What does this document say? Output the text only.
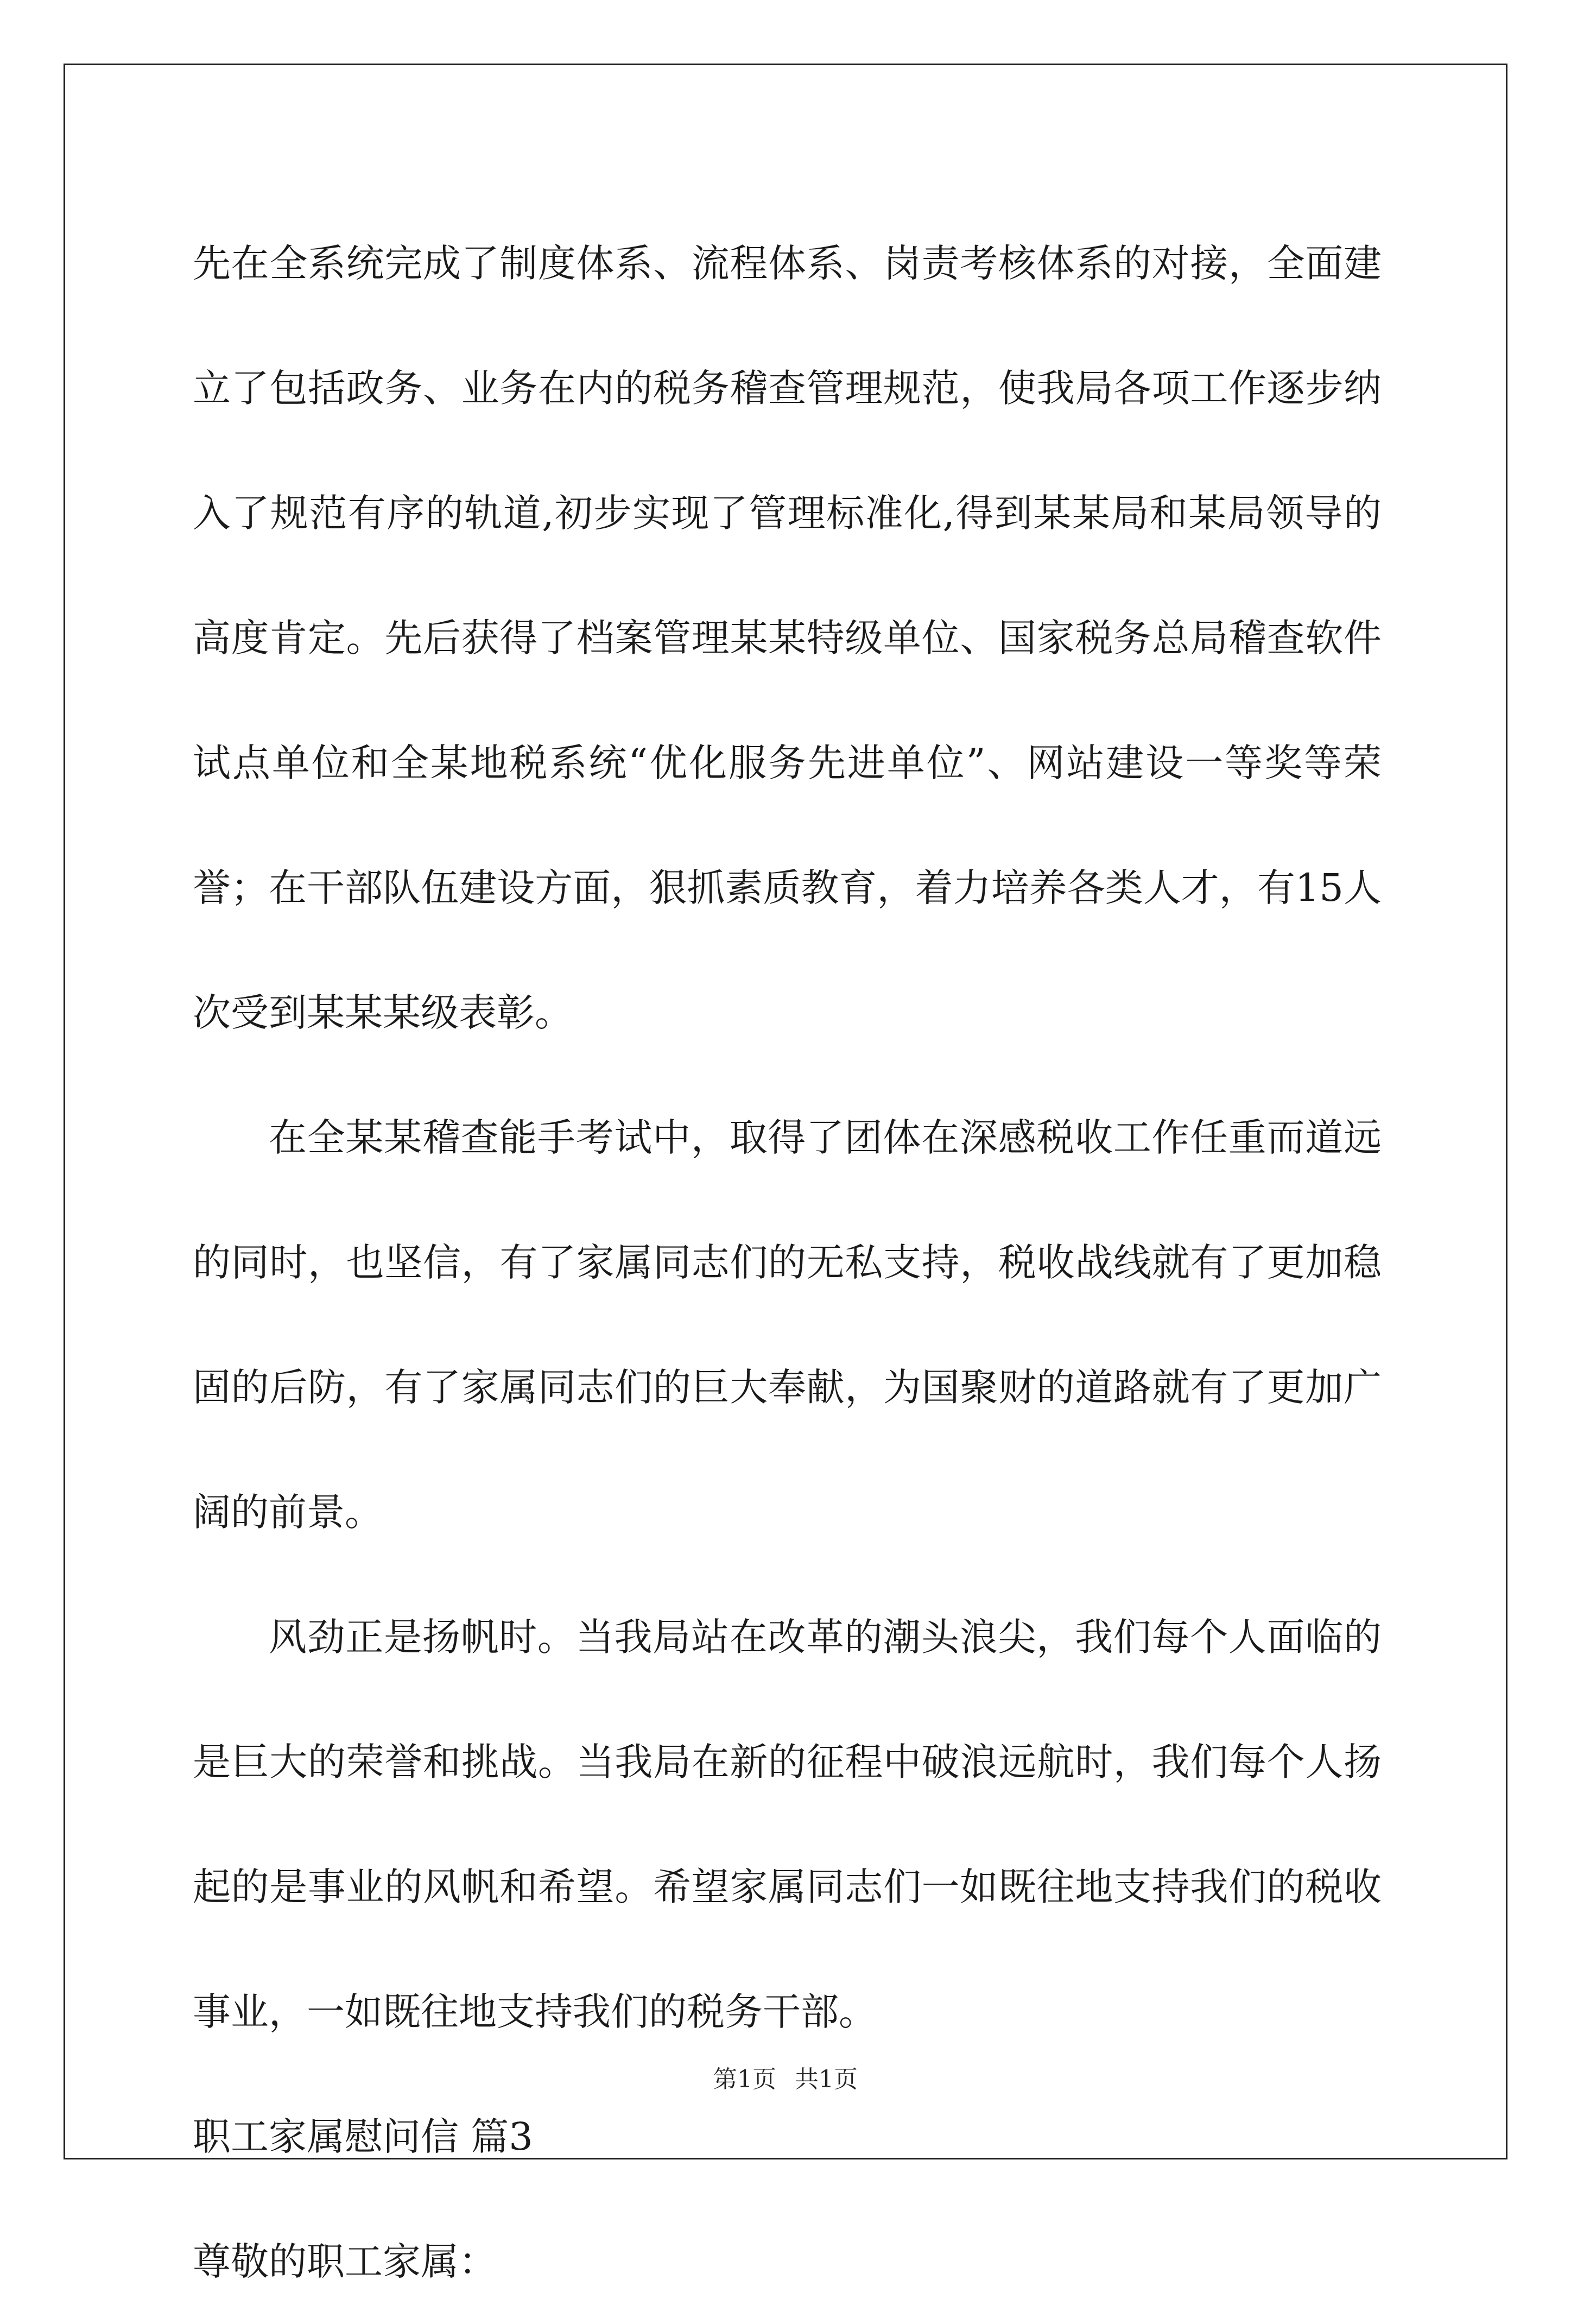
先在全系统完成了制度体系、流程体系、岗责考核体系的对接，全面建立了包括政务、业务在内的税务稽查管理规范，使我局各项工作逐步纳入了规范有序的轨道,初步实现了管理标准化,得到某某局和某局领导的高度肯定。先后获得了档案管理某某特级单位、国家税务总局稽查软件试点单位和全某地税系统“优化服务先进单位”、网站建设一等奖等荣誉；在干部队伍建设方面，狠抓素质教育，着力培养各类人才，有15人次受到某某某级表彰。

在全某某稽查能手考试中，取得了团体在深感税收工作任重而道远的同时，也坚信，有了家属同志们的无私支持，税收战线就有了更加稳固的后防，有了家属同志们的巨大奉献，为国聚财的道路就有了更加广阔的前景。

风劲正是扬帆时。当我局站在改革的潮头浪尖，我们每个人面临的是巨大的荣誉和挑战。当我局在新的征程中破浪远航时，我们每个人扬起的是事业的风帆和希望。希望家属同志们一如既往地支持我们的税收事业，一如既往地支持我们的税务干部。

职工家属慰问信 篇3

尊敬的职工家属：

第1页 共1页
